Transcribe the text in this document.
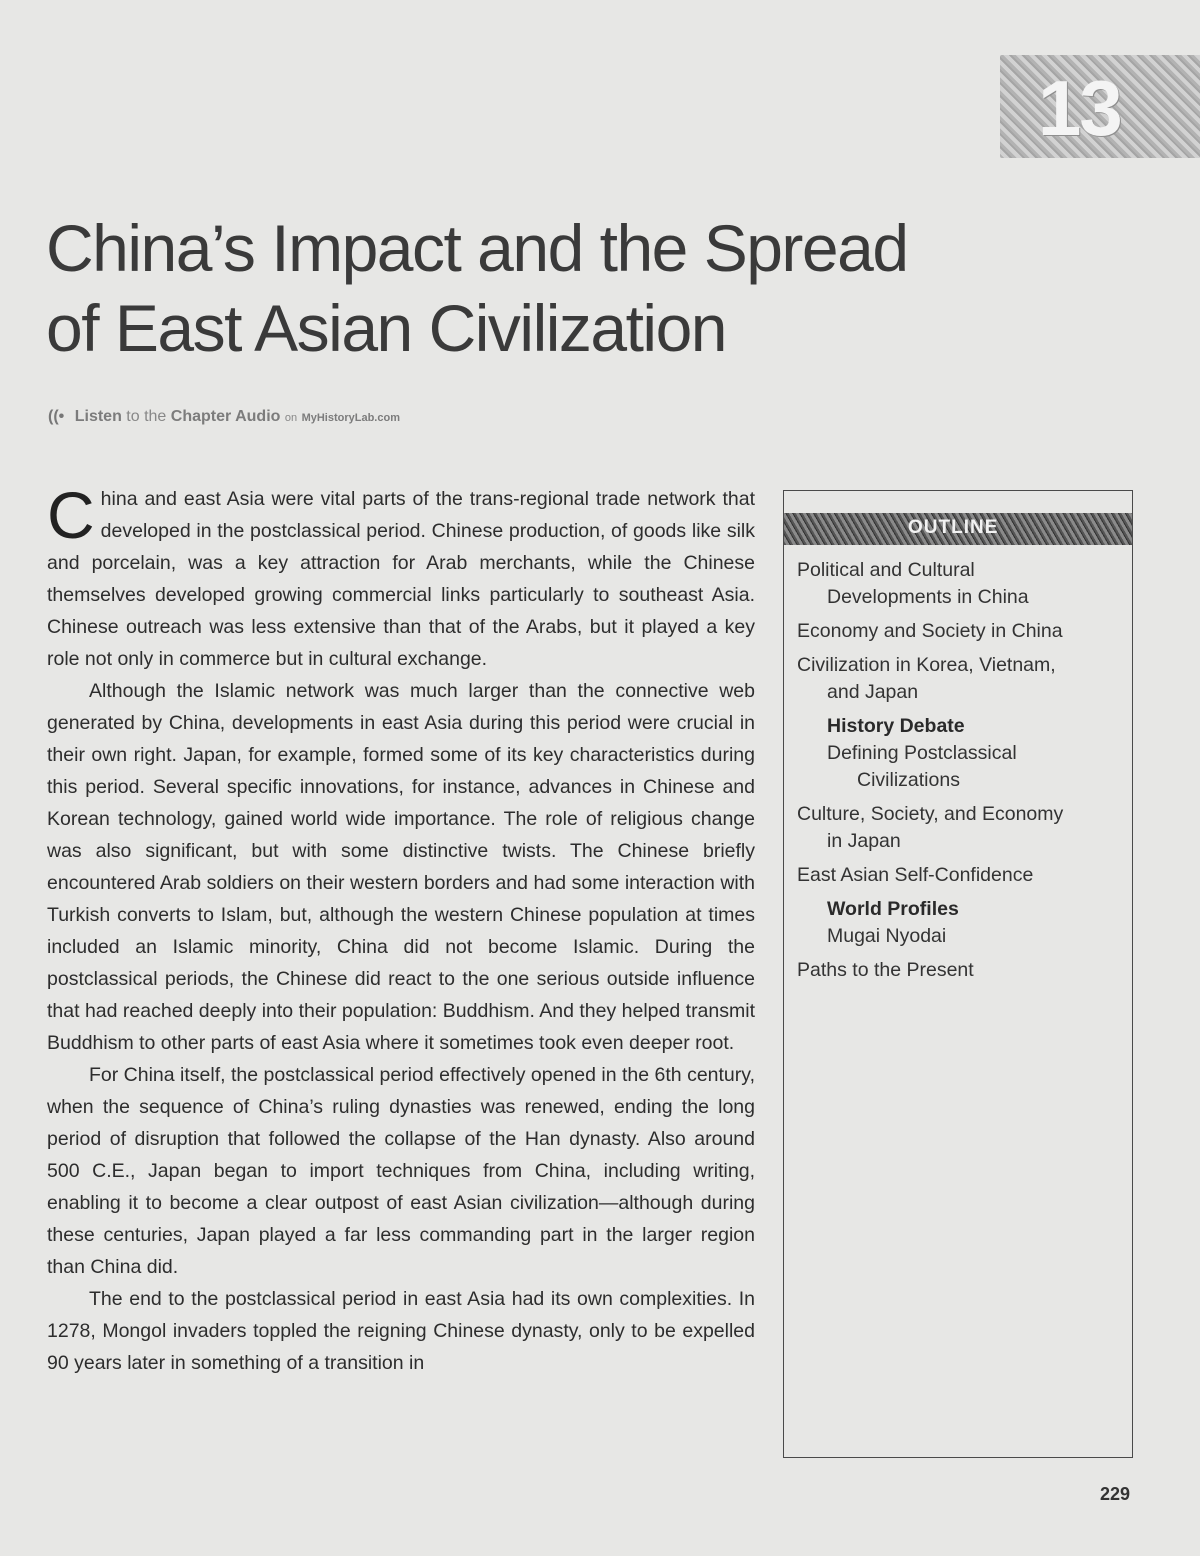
13
China’s Impact and the Spread
of East Asian Civilization
((• Listen to the Chapter Audio on MyHistoryLab.com

China and east Asia were vital parts of the trans-regional trade network that developed in the postclassical period. Chinese production, of goods like silk and porcelain, was a key attraction for Arab merchants, while the Chinese themselves developed growing commercial links particularly to southeast Asia. Chinese outreach was less extensive than that of the Arabs, but it played a key role not only in commerce but in cultural exchange.

Although the Islamic network was much larger than the connective web generated by China, developments in east Asia during this period were crucial in their own right. Japan, for example, formed some of its key characteristics during this period. Several specific innovations, for instance, advances in Chinese and Korean technology, gained world wide importance. The role of religious change was also significant, but with some distinctive twists. The Chinese briefly encountered Arab soldiers on their western borders and had some interaction with Turkish converts to Islam, but, although the western Chinese population at times included an Islamic minority, China did not become Islamic. During the postclassical periods, the Chinese did react to the one serious outside influence that had reached deeply into their population: Buddhism. And they helped transmit Buddhism to other parts of east Asia where it sometimes took even deeper root.

For China itself, the postclassical period effectively opened in the 6th century, when the sequence of China’s ruling dynasties was renewed, ending the long period of disruption that followed the collapse of the Han dynasty. Also around 500 C.E., Japan began to import techniques from China, including writing, enabling it to become a clear outpost of east Asian civilization—although during these centuries, Japan played a far less commanding part in the larger region than China did.

The end to the postclassical period in east Asia had its own complexities. In 1278, Mongol invaders toppled the reigning Chinese dynasty, only to be expelled 90 years later in something of a transition in

OUTLINE
Political and Cultural
Developments in China
Economy and Society in China
Civilization in Korea, Vietnam,
and Japan
History Debate
Defining Postclassical
Civilizations
Culture, Society, and Economy
in Japan
East Asian Self-Confidence
World Profiles
Mugai Nyodai
Paths to the Present
229
